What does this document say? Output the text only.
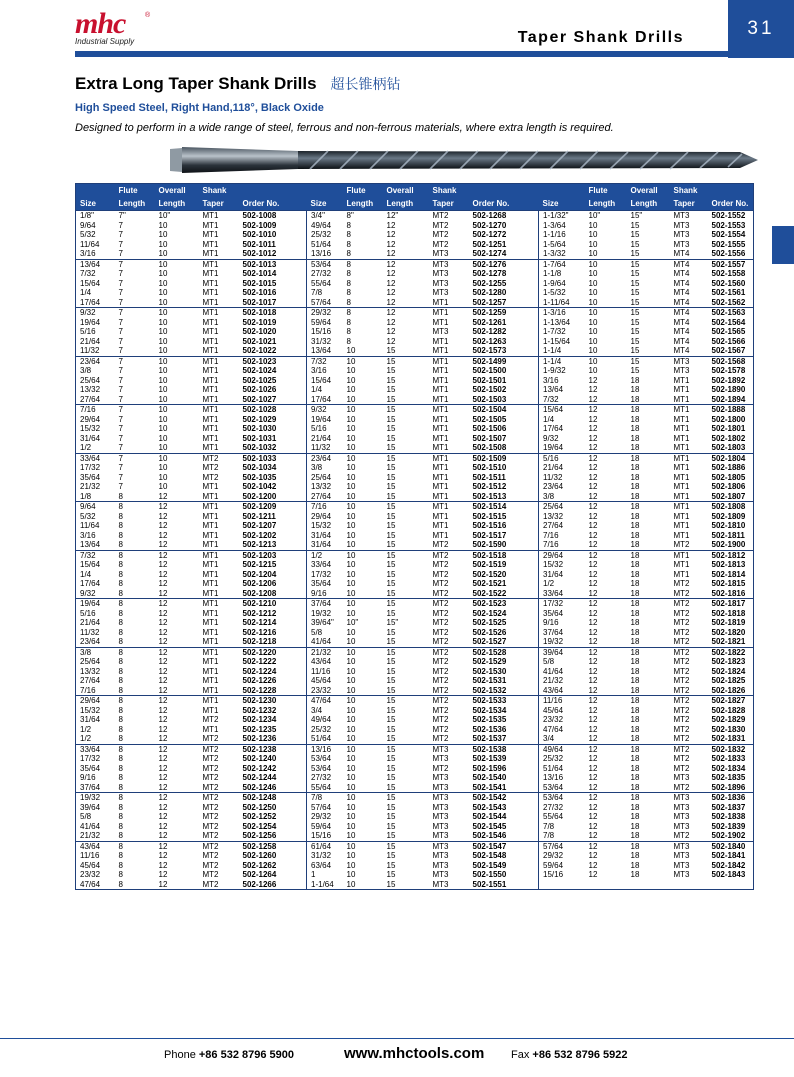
mhc	®
Industrial Supply
31
Taper Shank Drills
Extra Long Taper Shank Drills 超长锥柄钻
High Speed Steel, Right Hand,118°, Black Oxide
Designed to perform in a wide range of steel, ferrous and non-ferrous materials, where extra length is required.
	Flute	Overall	Shank			Flute	Overall	Shank			Flute	Overall	Shank	
Size	Length	Length	Taper	Order No.	Size	Length	Length	Taper	Order No.	Size	Length	Length	Taper	Order No.
1/8"	7"	10"	MT1	502-1008	3/4"	8"	12"	MT2	502-1268	1-1/32"	10"	15"	MT3	502-1552
9/64	7	10	MT1	502-1009	49/64	8	12	MT2	502-1270	1-3/64	10	15	MT3	502-1553
5/32	7	10	MT1	502-1010	25/32	8	12	MT2	502-1272	1-1/16	10	15	MT3	502-1554
11/64	7	10	MT1	502-1011	51/64	8	12	MT2	502-1251	1-5/64	10	15	MT3	502-1555
3/16	7	10	MT1	502-1012	13/16	8	12	MT3	502-1274	1-3/32	10	15	MT4	502-1556
13/64	7	10	MT1	502-1013	53/64	8	12	MT3	502-1276	1-7/64	10	15	MT4	502-1557
7/32	7	10	MT1	502-1014	27/32	8	12	MT3	502-1278	1-1/8	10	15	MT4	502-1558
15/64	7	10	MT1	502-1015	55/64	8	12	MT3	502-1255	1-9/64	10	15	MT4	502-1560
1/4	7	10	MT1	502-1016	7/8	8	12	MT3	502-1280	1-5/32	10	15	MT4	502-1561
17/64	7	10	MT1	502-1017	57/64	8	12	MT1	502-1257	1-11/64	10	15	MT4	502-1562
9/32	7	10	MT1	502-1018	29/32	8	12	MT1	502-1259	1-3/16	10	15	MT4	502-1563
19/64	7	10	MT1	502-1019	59/64	8	12	MT1	502-1261	1-13/64	10	15	MT4	502-1564
5/16	7	10	MT1	502-1020	15/16	8	12	MT3	502-1282	1-7/32	10	15	MT4	502-1565
21/64	7	10	MT1	502-1021	31/32	8	12	MT1	502-1263	1-15/64	10	15	MT4	502-1566
11/32	7	10	MT1	502-1022	13/64	10	15	MT1	502-1573	1-1/4	10	15	MT4	502-1567
23/64	7	10	MT1	502-1023	7/32	10	15	MT1	502-1499	1-1/4	10	15	MT3	502-1568
3/8	7	10	MT1	502-1024	3/16	10	15	MT1	502-1500	1-9/32	10	15	MT3	502-1578
25/64	7	10	MT1	502-1025	15/64	10	15	MT1	502-1501	3/16	12	18	MT1	502-1892
13/32	7	10	MT1	502-1026	1/4	10	15	MT1	502-1502	13/64	12	18	MT1	502-1890
27/64	7	10	MT1	502-1027	17/64	10	15	MT1	502-1503	7/32	12	18	MT1	502-1894
7/16	7	10	MT1	502-1028	9/32	10	15	MT1	502-1504	15/64	12	18	MT1	502-1888
29/64	7	10	MT1	502-1029	19/64	10	15	MT1	502-1505	1/4	12	18	MT1	502-1800
15/32	7	10	MT1	502-1030	5/16	10	15	MT1	502-1506	17/64	12	18	MT1	502-1801
31/64	7	10	MT1	502-1031	21/64	10	15	MT1	502-1507	9/32	12	18	MT1	502-1802
1/2	7	10	MT1	502-1032	11/32	10	15	MT1	502-1508	19/64	12	18	MT1	502-1803
33/64	7	10	MT2	502-1033	23/64	10	15	MT1	502-1509	5/16	12	18	MT1	502-1804
17/32	7	10	MT2	502-1034	3/8	10	15	MT1	502-1510	21/64	12	18	MT1	502-1886
35/64	7	10	MT2	502-1035	25/64	10	15	MT1	502-1511	11/32	12	18	MT1	502-1805
21/32	7	10	MT1	502-1042	13/32	10	15	MT1	502-1512	23/64	12	18	MT1	502-1806
1/8	8	12	MT1	502-1200	27/64	10	15	MT1	502-1513	3/8	12	18	MT1	502-1807
9/64	8	12	MT1	502-1209	7/16	10	15	MT1	502-1514	25/64	12	18	MT1	502-1808
5/32	8	12	MT1	502-1211	29/64	10	15	MT1	502-1515	13/32	12	18	MT1	502-1809
11/64	8	12	MT1	502-1207	15/32	10	15	MT1	502-1516	27/64	12	18	MT1	502-1810
3/16	8	12	MT1	502-1202	31/64	10	15	MT1	502-1517	7/16	12	18	MT1	502-1811
13/64	8	12	MT1	502-1213	31/64	10	15	MT2	502-1590	7/16	12	18	MT2	502-1900
7/32	8	12	MT1	502-1203	1/2	10	15	MT2	502-1518	29/64	12	18	MT1	502-1812
15/64	8	12	MT1	502-1215	33/64	10	15	MT2	502-1519	15/32	12	18	MT1	502-1813
1/4	8	12	MT1	502-1204	17/32	10	15	MT2	502-1520	31/64	12	18	MT1	502-1814
17/64	8	12	MT1	502-1206	35/64	10	15	MT2	502-1521	1/2	12	18	MT2	502-1815
9/32	8	12	MT1	502-1208	9/16	10	15	MT2	502-1522	33/64	12	18	MT2	502-1816
19/64	8	12	MT1	502-1210	37/64	10	15	MT2	502-1523	17/32	12	18	MT2	502-1817
5/16	8	12	MT1	502-1212	19/32	10	15	MT2	502-1524	35/64	12	18	MT2	502-1818
21/64	8	12	MT1	502-1214	39/64"	10"	15"	MT2	502-1525	9/16	12	18	MT2	502-1819
11/32	8	12	MT1	502-1216	5/8	10	15	MT2	502-1526	37/64	12	18	MT2	502-1820
23/64	8	12	MT1	502-1218	41/64	10	15	MT2	502-1527	19/32	12	18	MT2	502-1821
3/8	8	12	MT1	502-1220	21/32	10	15	MT2	502-1528	39/64	12	18	MT2	502-1822
25/64	8	12	MT1	502-1222	43/64	10	15	MT2	502-1529	5/8	12	18	MT2	502-1823
13/32	8	12	MT1	502-1224	11/16	10	15	MT2	502-1530	41/64	12	18	MT2	502-1824
27/64	8	12	MT1	502-1226	45/64	10	15	MT2	502-1531	21/32	12	18	MT2	502-1825
7/16	8	12	MT1	502-1228	23/32	10	15	MT2	502-1532	43/64	12	18	MT2	502-1826
29/64	8	12	MT1	502-1230	47/64	10	15	MT2	502-1533	11/16	12	18	MT2	502-1827
15/32	8	12	MT1	502-1232	3/4	10	15	MT2	502-1534	45/64	12	18	MT2	502-1828
31/64	8	12	MT2	502-1234	49/64	10	15	MT2	502-1535	23/32	12	18	MT2	502-1829
1/2	8	12	MT1	502-1235	25/32	10	15	MT2	502-1536	47/64	12	18	MT2	502-1830
1/2	8	12	MT2	502-1236	51/64	10	15	MT2	502-1537	3/4	12	18	MT2	502-1831
33/64	8	12	MT2	502-1238	13/16	10	15	MT3	502-1538	49/64	12	18	MT2	502-1832
17/32	8	12	MT2	502-1240	53/64	10	15	MT3	502-1539	25/32	12	18	MT2	502-1833
35/64	8	12	MT2	502-1242	53/64	10	15	MT2	502-1596	51/64	12	18	MT2	502-1834
9/16	8	12	MT2	502-1244	27/32	10	15	MT3	502-1540	13/16	12	18	MT3	502-1835
37/64	8	12	MT2	502-1246	55/64	10	15	MT3	502-1541	53/64	12	18	MT2	502-1896
19/32	8	12	MT2	502-1248	7/8	10	15	MT3	502-1542	53/64	12	18	MT3	502-1836
39/64	8	12	MT2	502-1250	57/64	10	15	MT3	502-1543	27/32	12	18	MT3	502-1837
5/8	8	12	MT2	502-1252	29/32	10	15	MT3	502-1544	55/64	12	18	MT3	502-1838
41/64	8	12	MT2	502-1254	59/64	10	15	MT3	502-1545	7/8	12	18	MT3	502-1839
21/32	8	12	MT2	502-1256	15/16	10	15	MT3	502-1546	7/8	12	18	MT2	502-1902
43/64	8	12	MT2	502-1258	61/64	10	15	MT3	502-1547	57/64	12	18	MT3	502-1840
11/16	8	12	MT2	502-1260	31/32	10	15	MT3	502-1548	29/32	12	18	MT3	502-1841
45/64	8	12	MT2	502-1262	63/64	10	15	MT3	502-1549	59/64	12	18	MT3	502-1842
23/32	8	12	MT2	502-1264	1	10	15	MT3	502-1550	15/16	12	18	MT3	502-1843
47/64	8	12	MT2	502-1266	1-1/64	10	15	MT3	502-1551					
Phone +86 532 8796 5900	www.mhctools.com Fax +86 532 8796 5922
